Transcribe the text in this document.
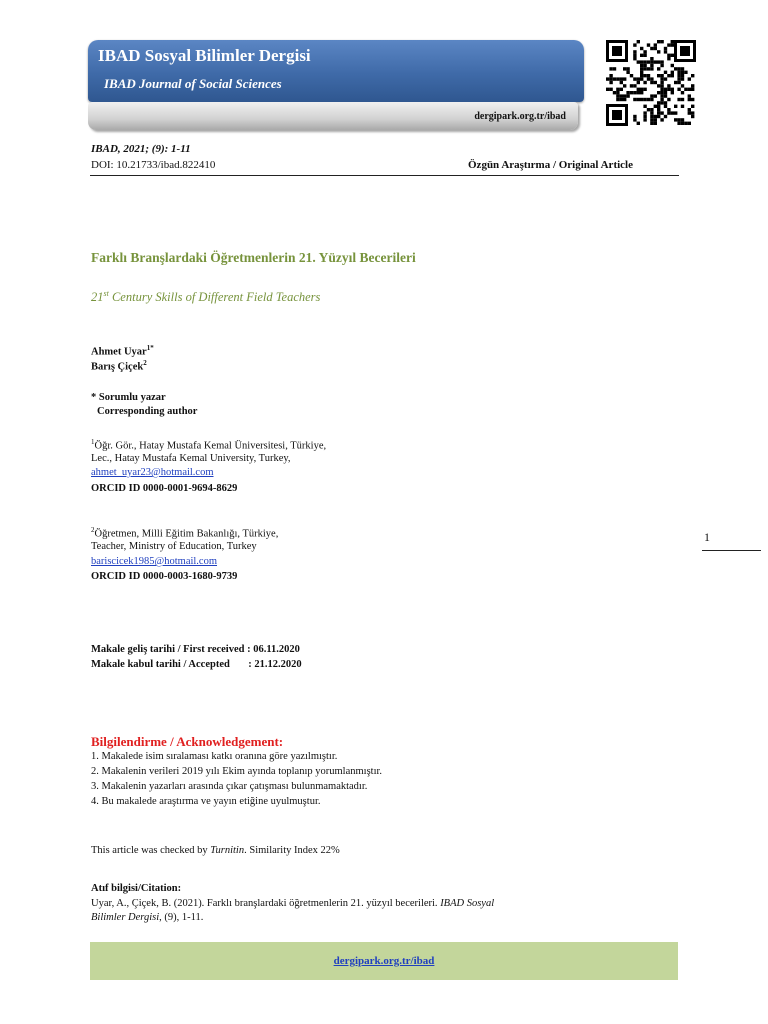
IBAD Sosyal Bilimler Dergisi
IBAD Journal of Social Sciences
dergipark.org.tr/ibad
IBAD, 2021; (9): 1-11
DOI: 10.21733/ibad.822410	Özgün Araştırma / Original Article
Farklı Branşlardaki Öğretmenlerin 21. Yüzyıl Becerileri
21st Century Skills of Different Field Teachers
Ahmet Uyar$^{1*}$
Barış Çiçek$^2$
* Sorumlu yazar
Corresponding author
$^1$Öğr. Gör., Hatay Mustafa Kemal Üniversitesi, Türkiye,
Lec., Hatay Mustafa Kemal University, Turkey,
ahmet_uyar23@hotmail.com
ORCID ID 0000-0001-9694-8629
$^2$Öğretmen, Milli Eğitim Bakanlığı, Türkiye,
Teacher, Ministry of Education, Turkey
bariscicek1985@hotmail.com
ORCID ID 0000-0003-1680-9739
1
Makale geliş tarihi / First received : 06.11.2020
Makale kabul tarihi / Accepted       : 21.12.2020
Bilgilendirme / Acknowledgement:
1. Makalede isim sıralaması katkı oranına göre yazılmıştır.
2. Makalenin verileri 2019 yılı Ekim ayında toplanıp yorumlanmıştır.
3. Makalenin yazarları arasında çıkar çatışması bulunmamaktadır.
4. Bu makalede araştırma ve yayın etiğine uyulmuştur.
This article was checked by Turnitin. Similarity Index 22%
Atıf bilgisi/Citation:
Uyar, A., Çiçek, B. (2021). Farklı branşlardaki öğretmenlerin 21. yüzyıl becerileri. IBAD Sosyal
Bilimler Dergisi, (9), 1-11.
dergipark.org.tr/ibad
